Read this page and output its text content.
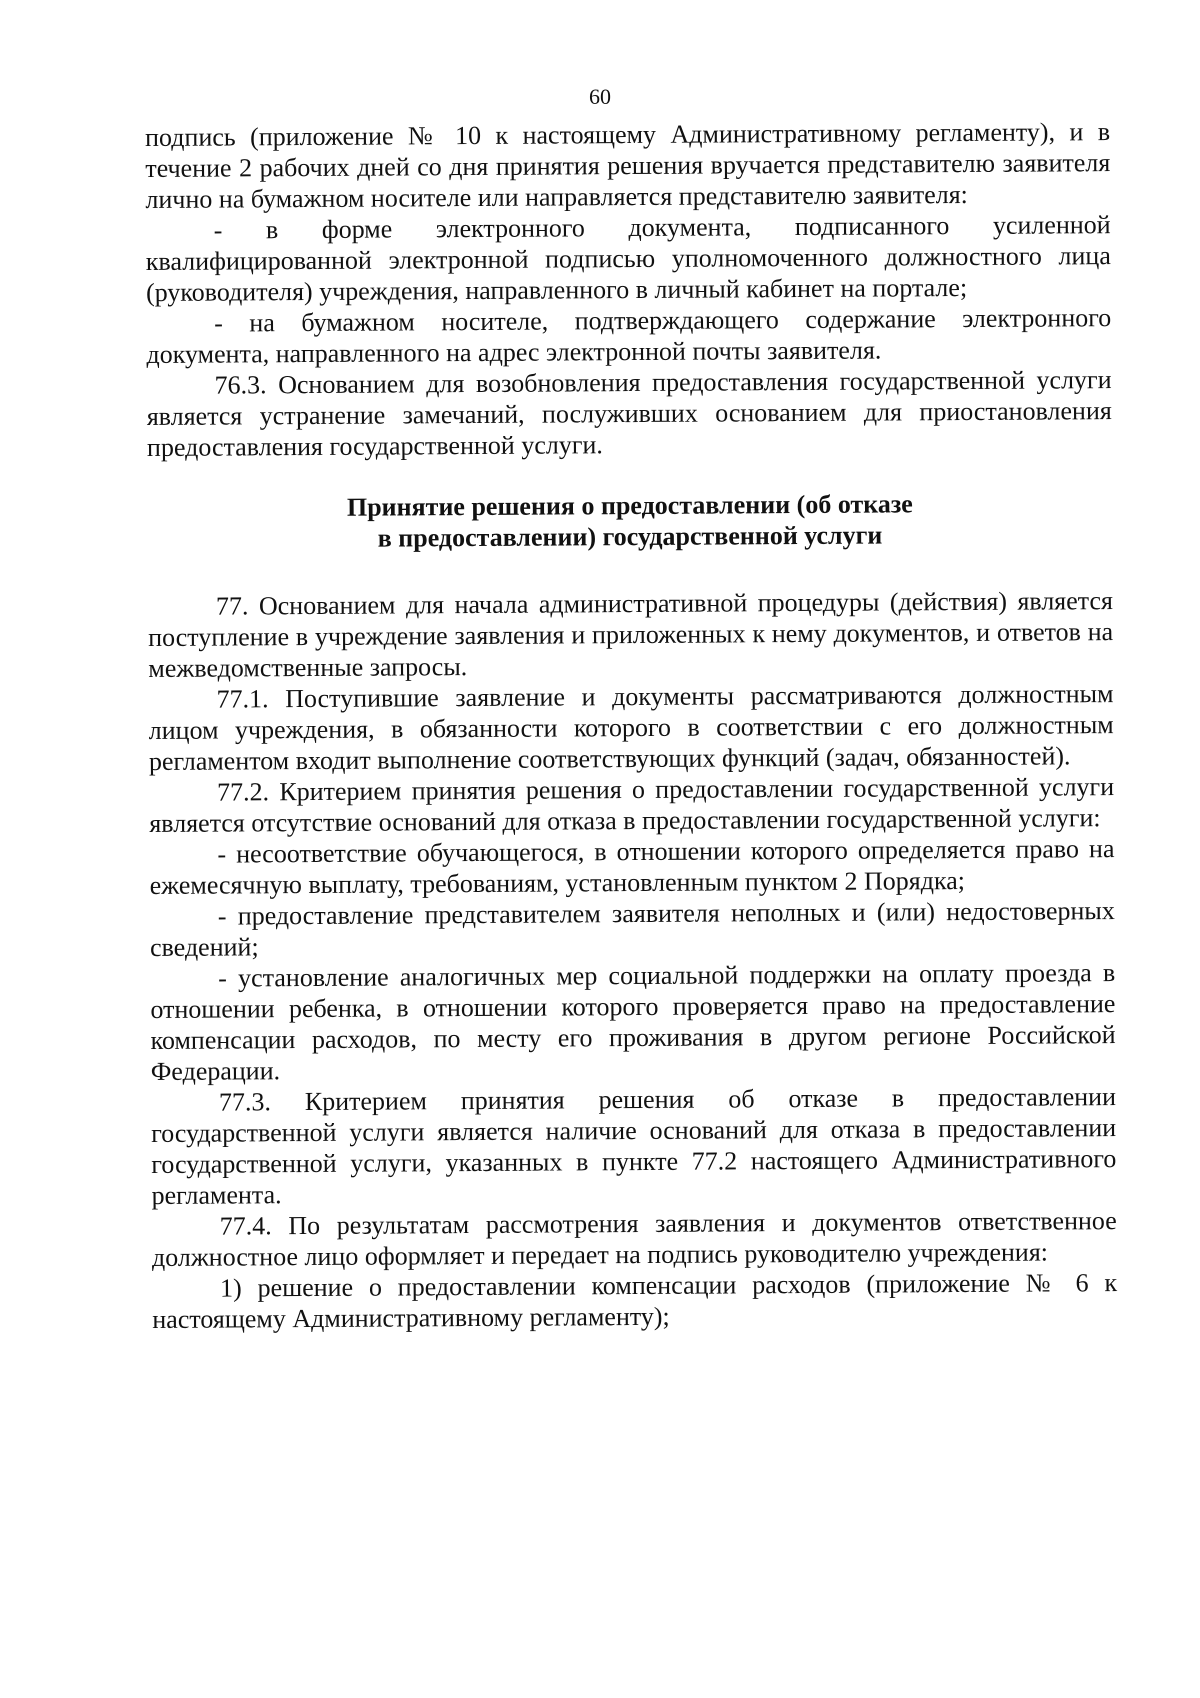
60

подпись (приложение № 10 к настоящему Административному регламенту), и в течение 2 рабочих дней со дня принятия решения вручается представителю заявителя лично на бумажном носителе или направляется представителю заявителя:

- в форме электронного документа, подписанного усиленной квалифицированной электронной подписью уполномоченного должностного лица (руководителя) учреждения, направленного в личный кабинет на портале;

- на бумажном носителе, подтверждающего содержание электронного документа, направленного на адрес электронной почты заявителя.

76.3. Основанием для возобновления предоставления государственной услуги является устранение замечаний, послуживших основанием для приостановления предоставления государственной услуги.

Принятие решения о предоставлении (об отказе
в предоставлении) государственной услуги

77. Основанием для начала административной процедуры (действия) является поступление в учреждение заявления и приложенных к нему документов, и ответов на межведомственные запросы.

77.1. Поступившие заявление и документы рассматриваются должностным лицом учреждения, в обязанности которого в соответствии с его должностным регламентом входит выполнение соответствующих функций (задач, обязанностей).

77.2. Критерием принятия решения о предоставлении государственной услуги является отсутствие оснований для отказа в предоставлении государственной услуги:

- несоответствие обучающегося, в отношении которого определяется право на ежемесячную выплату, требованиям, установленным пунктом 2 Порядка;

- предоставление представителем заявителя неполных и (или) недостоверных сведений;

- установление аналогичных мер социальной поддержки на оплату проезда в отношении ребенка, в отношении которого проверяется право на предоставление компенсации расходов, по месту его проживания в другом регионе Российской Федерации.

77.3. Критерием принятия решения об отказе в предоставлении государственной услуги является наличие оснований для отказа в предоставлении государственной услуги, указанных в пункте 77.2 настоящего Административного регламента.

77.4. По результатам рассмотрения заявления и документов ответственное должностное лицо оформляет и передает на подпись руководителю учреждения:

1) решение о предоставлении компенсации расходов (приложение № 6 к настоящему Административному регламенту);
